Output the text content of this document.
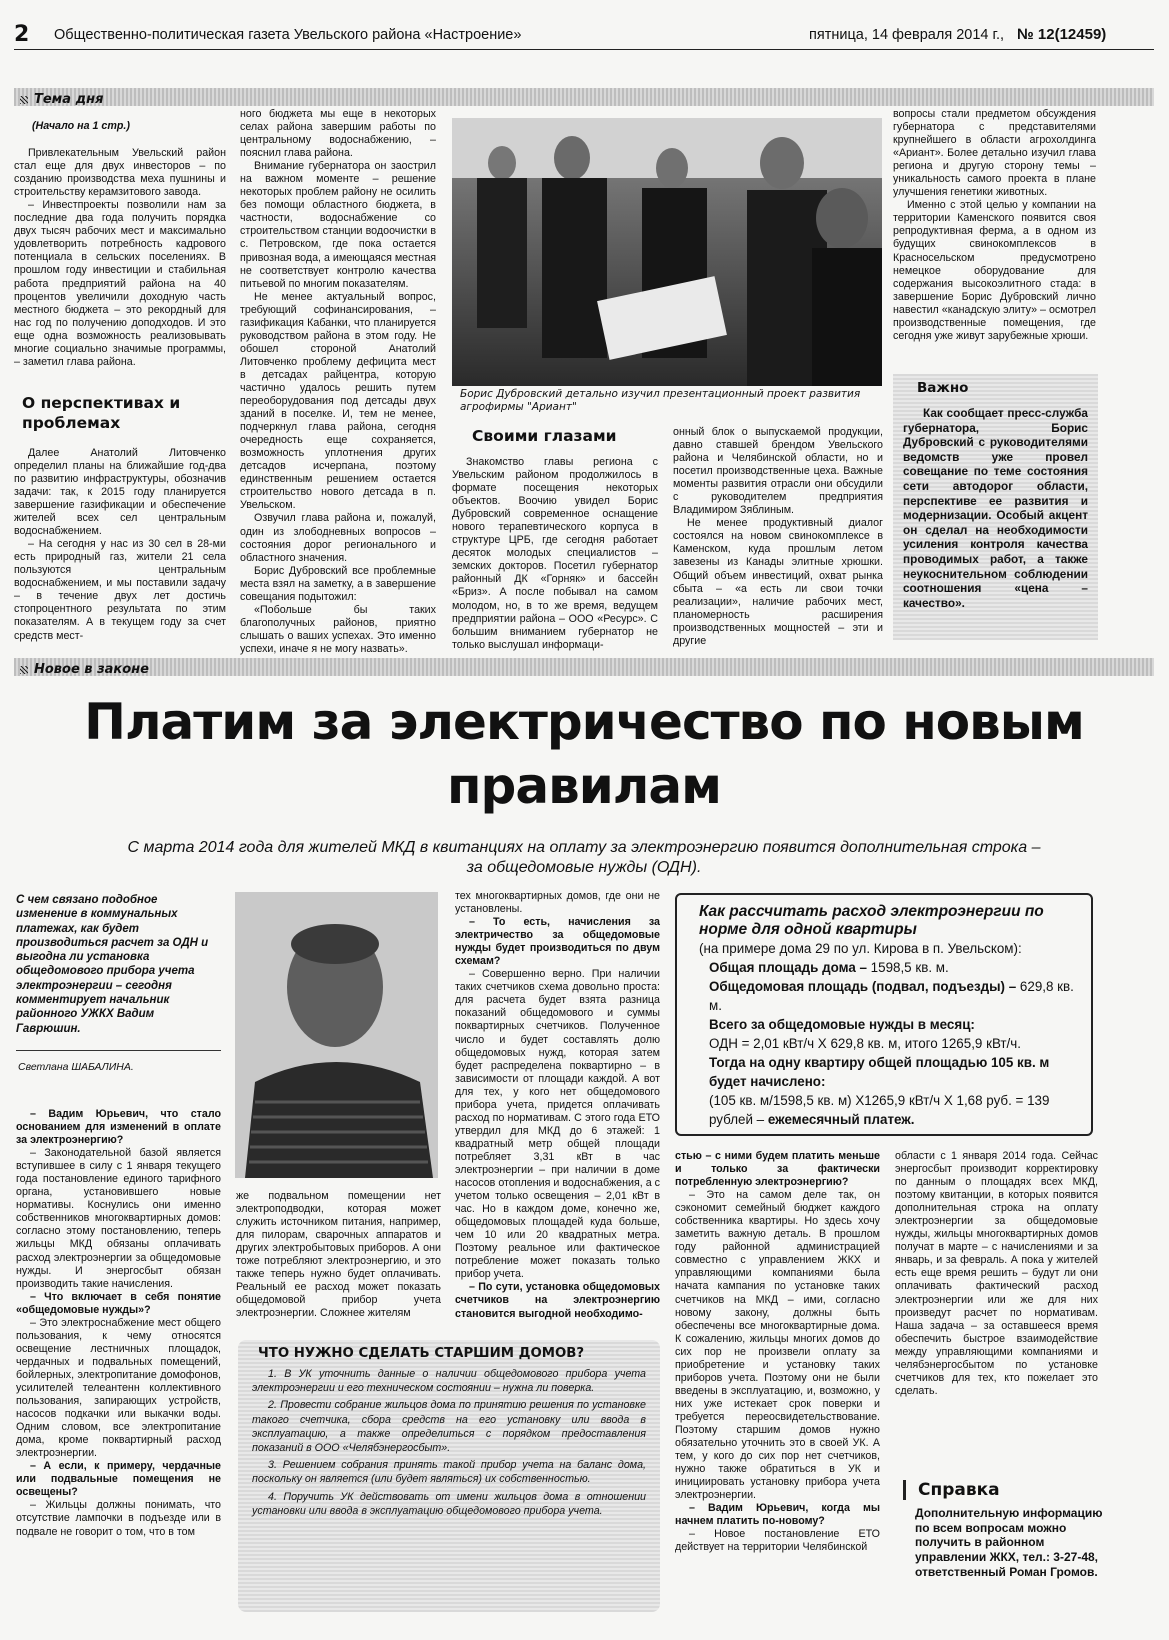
2 Общественно-политическая газета Увельского района «Настроение»	пятница, 14 февраля 2014 г., № 12(12459)
Тема дня
(Начало на 1 стр.)
Привлекательным Увельский район стал еще для двух инвесторов – по созданию производства меха пушнины и строительству керамзитового завода.
– Инвестпроекты позволили нам за последние два года получить порядка двух тысяч рабочих мест и максимально удовлетворить потребность кадрового потенциала в сельских поселениях. В прошлом году инвестиции и стабильная работа предприятий района на 40 процентов увеличили доходную часть местного бюджета – это рекордный для нас год по получению доподходов. И это еще одна возможность реализовывать многие социально значимые программы, – заметил глава района.
О перспективах и проблемах
Далее Анатолий Литовченко определил планы на ближайшие год-два по развитию инфраструктуры, обозначив задачи: так, к 2015 году планируется завершение газификации и обеспечение жителей всех сел центральным водоснабжением.
– На сегодня у нас из 30 сел в 28-ми есть природный газ, жители 21 села пользуются центральным водоснабжением, и мы поставили задачу – в течение двух лет достичь стопроцентного результата по этим показателям. А в текущем году за счет средств мест-
ного бюджета мы еще в некоторых селах района завершим работы по центральному водоснабжению, – пояснил глава района.
Внимание губернатора он заострил на важном моменте – решение некоторых проблем району не осилить без помощи областного бюджета, в частности, водоснабжение со строительством станции водоочистки в с. Петровском, где пока остается привозная вода, а имеющаяся местная не соответствует контролю качества питьевой по многим показателям.
Не менее актуальный вопрос, требующий софинансирования, – газификация Кабанки, что планируется руководством района в этом году. Не обошел стороной Анатолий Литовченко проблему дефицита мест в детсадах райцентра, которую частично удалось решить путем переоборудования под детсады двух зданий в поселке. И, тем не менее, подчеркнул глава района, сегодня очередность еще сохраняется, возможность уплотнения других детсадов исчерпана, поэтому единственным решением остается строительство нового детсада в п. Увельском.
Озвучил глава района и, пожалуй, один из злободневных вопросов – состояния дорог регионального и областного значения.
Борис Дубровский все проблемные места взял на заметку, а в завершение совещания подытожил:
«Побольше бы таких благополучных районов, приятно слышать о ваших успехах. Это именно успехи, иначе я не могу назвать».
Борис Дубровский детально изучил презентационный проект развития агрофирмы "Ариант"
Своими глазами
Знакомство главы региона с Увельским районом продолжилось в формате посещения некоторых объектов. Воочию увидел Борис Дубровский современное оснащение нового терапевтического корпуса в структуре ЦРБ, где сегодня работает десяток молодых специалистов – земских докторов. Посетил губернатор районный ДК «Горняк» и бассейн «Бриз». А после побывал на самом молодом, но, в то же время, ведущем предприятии района – ООО «Ресурс». С большим вниманием губернатор не только выслушал информаци-
онный блок о выпускаемой продукции, давно ставшей брендом Увельского района и Челябинской области, но и посетил производственные цеха. Важные моменты развития отрасли они обсудили с руководителем предприятия Владимиром Зяблиным.
Не менее продуктивный диалог состоялся на новом свинокомплексе в Каменском, куда прошлым летом завезены из Канады элитные хрюшки. Общий объем инвестиций, охват рынка сбыта – «а есть ли свои точки реализации», наличие рабочих мест, планомерность расширения производственных мощностей – эти и другие
вопросы стали предметом обсуждения губернатора с представителями крупнейшего в области агрохолдинга «Ариант». Более детально изучил глава региона и другую сторону темы – уникальность самого проекта в плане улучшения генетики животных.
Именно с этой целью у компании на территории Каменского появится своя репродуктивная ферма, а в одном из будущих свинокомплексов в Красносельском предусмотрено немецкое оборудование для содержания высокоэлитного стада: в завершение Борис Дубровский лично навестил «канадскую элиту» – осмотрел производственные помещения, где сегодня уже живут зарубежные хрюши.
Важно
Как сообщает пресс-служба губернатора, Борис Дубровский с руководителями ведомств уже провел совещание по теме состояния сети автодорог области, перспективе ее развития и модернизации. Особый акцент он сделал на необходимости усиления контроля качества проводимых работ, а также неукоснительном соблюдении соотношения «цена – качество».
Новое в законе
Платим за электричество по новым
правилам
С марта 2014 года для жителей МКД в квитанциях на оплату за электроэнергию появится дополнительная строка –
за общедомовые нужды (ОДН).
С чем связано подобное изменение в коммунальных платежах, как будет производиться расчет за ОДН и выгодна ли установка общедомового прибора учета электроэнергии – сегодня комментирует начальник районного УЖКХ Вадим Гаврюшин.
Светлана ШАБАЛИНА.
– Вадим Юрьевич, что стало основанием для изменений в оплате за электроэнергию?
– Законодательной базой является вступившее в силу с 1 января текущего года постановление единого тарифного органа, установившего новые нормативы. Коснулись они именно собственников многоквартирных домов: согласно этому постановлению, теперь жильцы МКД обязаны оплачивать расход электроэнергии за общедомовые нужды. И энергосбыт обязан производить такие начисления.
– Что включает в себя понятие «общедомовые нужды»?
– Это электроснабжение мест общего пользования, к чему относятся освещение лестничных площадок, чердачных и подвальных помещений, бойлерных, электропитание домофонов, усилителей телеантенн коллективного пользования, запирающих устройств, насосов подкачки или выкачки воды. Одним словом, все электропитание дома, кроме поквартирный расход электроэнергии.
– А если, к примеру, чердачные или подвальные помещения не освещены?
– Жильцы должны понимать, что отсутствие лампочки в подъезде или в подвале не говорит о том, что в том
же подвальном помещении нет электроподводки, которая может служить источником питания, например, для пилорам, сварочных аппаратов и других электробытовых приборов. А они тоже потребляют электроэнергию, и это также теперь нужно будет оплачивать. Реальный ее расход может показать общедомовой прибор учета электроэнергии. Сложнее жителям
тех многоквартирных домов, где они не установлены.
– То есть, начисления за электричество за общедомовые нужды будет производиться по двум схемам?
– Совершенно верно. При наличии таких счетчиков схема довольно проста: для расчета будет взята разница показаний общедомового и суммы поквартирных счетчиков. Полученное число и будет составлять долю общедомовых нужд, которая затем будет распределена поквартирно – в зависимости от площади каждой. А вот для тех, у кого нет общедомового прибора учета, придется оплачивать расход по нормативам. С этого года ЕТО утвердил для МКД до 6 этажей: 1 квадратный метр общей площади потребляет 3,31 кВт в час электроэнергии – при наличии в доме насосов отопления и водоснабжения, а с учетом только освещения – 2,01 кВт в час. Но в каждом доме, конечно же, общедомовых площадей куда больше, чем 10 или 20 квадратных метра. Поэтому реальное или фактическое потребление может показать только прибор учета.
– По сути, установка общедомовых счетчиков на электроэнергию становится выгодной необходимо-
Как рассчитать расход электроэнергии по норме для одной квартиры
(на примере дома 29 по ул. Кирова в п. Увельском):
Общая площадь дома – 1598,5 кв. м.
Общедомовая площадь (подвал, подъезды) – 629,8 кв. м.
Всего за общедомовые нужды в месяц:
ОДН = 2,01 кВт/ч Х 629,8 кв. м, итого 1265,9 кВт/ч.
Тогда на одну квартиру общей площадью 105 кв. м будет начислено:
(105 кв. м/1598,5 кв. м) Х1265,9 кВт/ч Х 1,68 руб. = 139 рублей – ежемесячный платеж.
стью – с ними будем платить меньше и только за фактически потребленную электроэнергию?
– Это на самом деле так, он сэкономит семейный бюджет каждого собственника квартиры. Но здесь хочу заметить важную деталь. В прошлом году районной администрацией совместно с управлением ЖКХ и управляющими компаниями была начата кампания по установке таких счетчиков на МКД – ими, согласно новому закону, должны быть обеспечены все многоквартирные дома. К сожалению, жильцы многих домов до сих пор не произвели оплату за приобретение и установку таких приборов учета. Поэтому они не были введены в эксплуатацию, и, возможно, у них уже истекает срок поверки и требуется переосвидетельствование. Поэтому старшим домов нужно обязательно уточнить это в своей УК. А тем, у кого до сих пор нет счетчиков, нужно также обратиться в УК и инициировать установку прибора учета электроэнергии.
– Вадим Юрьевич, когда мы начнем платить по-новому?
– Новое постановление ЕТО действует на территории Челябинской
области с 1 января 2014 года. Сейчас энергосбыт производит корректировку по данным о площадях всех МКД, поэтому квитанции, в которых появится дополнительная строка на оплату электроэнергии за общедомовые нужды, жильцы многоквартирных домов получат в марте – с начислениями и за январь, и за февраль. А пока у жителей есть еще время решить – будут ли они оплачивать фактический расход электроэнергии или же для них произведут расчет по нормативам. Наша задача – за оставшееся время обеспечить быстрое взаимодействие между управляющими компаниями и челябэнергосбытом по установке счетчиков для тех, кто пожелает это сделать.
ЧТО НУЖНО СДЕЛАТЬ СТАРШИМ ДОМОВ?
1. В УК уточнить данные о наличии общедомового прибора учета электроэнергии и его техническом состоянии – нужна ли поверка.
2. Провести собрание жильцов дома по принятию решения по установке такого счетчика, сбора средств на его установку или ввода в эксплуатацию, а также определиться с порядком предоставления показаний в ООО «Челябэнергосбыт».
3. Решением собрания принять такой прибор учета на баланс дома, поскольку он является (или будет являться) их собственностью.
4. Поручить УК действовать от имени жильцов дома в отношении установки или ввода в эксплуатацию общедомового прибора учета.
Справка
Дополнительную информацию по всем вопросам можно получить в районном управлении ЖКХ, тел.: 3-27-48, ответственный Роман Громов.
